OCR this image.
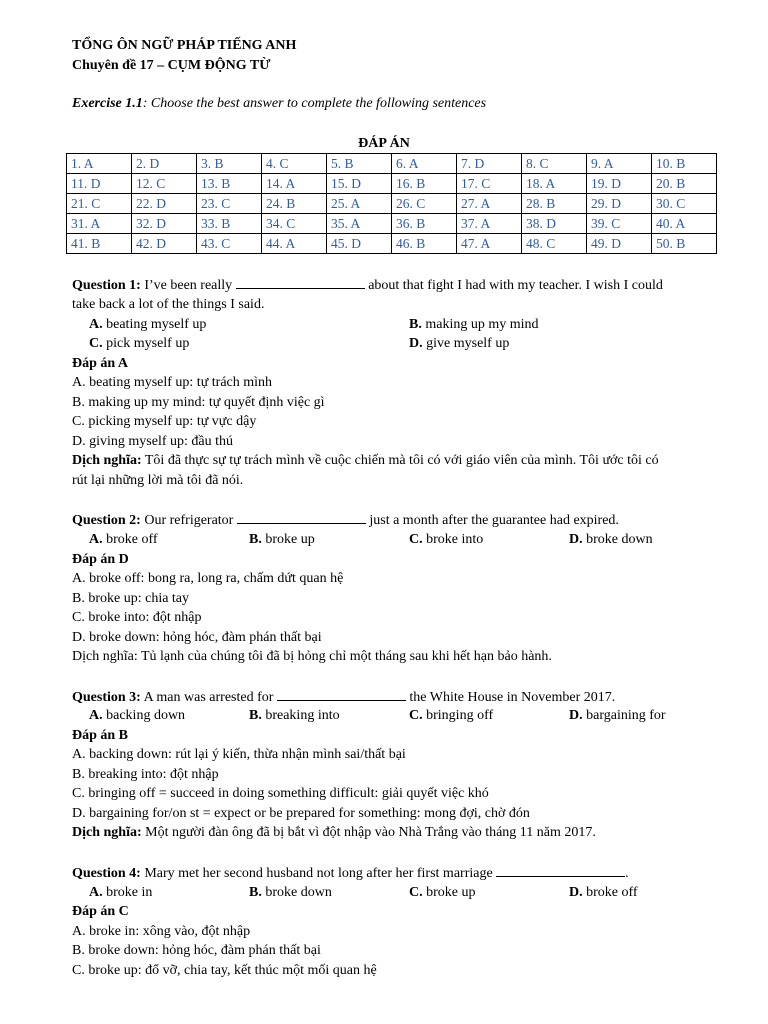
TỔNG ÔN NGỮ PHÁP TIẾNG ANH
Chuyên đề 17 – CỤM ĐỘNG TỪ
Exercise 1.1: Choose the best answer to complete the following sentences
ĐÁP ÁN
1. A	2. D	3. B	4. C	5. B	6. A	7. D	8. C	9. A	10. B
11. D	12. C	13. B	14. A	15. D	16. B	17. C	18. A	19. D	20. B
21. C	22. D	23. C	24. B	25. A	26. C	27. A	28. B	29. D	30. C
31. A	32. D	33. B	34. C	35. A	36. B	37. A	38. D	39. C	40. A
41. B	42. D	43. C	44. A	45. D	46. B	47. A	48. C	49. D	50. B
Question 1: I’ve been really	about that fight I had with my teacher. I wish I could
take back a lot of the things I said.
A. beating myself up	B. making up my mind
C. pick myself up	D. give myself up
Đáp án A
A. beating myself up: tự trách mình
B. making up my mind: tự quyết định việc gì
C. picking myself up: tự vực dậy
D. giving myself up: đầu thú
Dịch nghĩa: Tôi đã thực sự tự trách mình về cuộc chiến mà tôi có với giáo viên của mình. Tôi ước tôi có
rút lại những lời mà tôi đã nói.
Question 2: Our refrigerator	just a month after the guarantee had expired.
A. broke off	B. broke up	C. broke into	D. broke down
Đáp án D
A. broke off: bong ra, long ra, chấm dứt quan hệ
B. broke up: chia tay
C. broke into: đột nhập
D. broke down: hỏng hóc, đàm phán thất bại
Dịch nghĩa: Tủ lạnh của chúng tôi đã bị hỏng chỉ một tháng sau khi hết hạn bảo hành.
Question 3: A man was arrested for	the White House in November 2017.
A. backing down	B. breaking into	C. bringing off	D. bargaining for
Đáp án B
A. backing down: rút lại ý kiến, thừa nhận mình sai/thất bại
B. breaking into: đột nhập
C. bringing off = succeed in doing something difficult: giải quyết việc khó
D. bargaining for/on st = expect or be prepared for something: mong đợi, chờ đón
Dịch nghĩa: Một người đàn ông đã bị bắt vì đột nhập vào Nhà Trắng vào tháng 11 năm 2017.
Question 4: Mary met her second husband not long after her first marriage	.
A. broke in	B. broke down	C. broke up	D. broke off
Đáp án C
A. broke in: xông vào, đột nhập
B. broke down: hỏng hóc, đàm phán thất bại
C. broke up: đổ vỡ, chia tay, kết thúc một mối quan hệ
